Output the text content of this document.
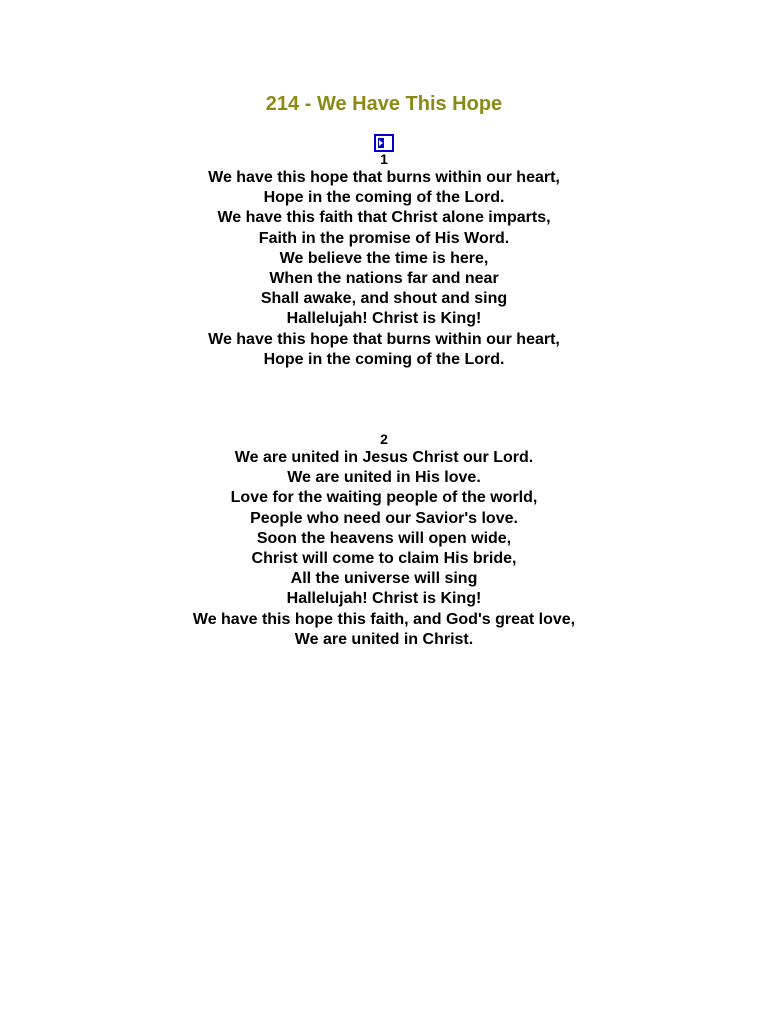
214 - We Have This Hope
1
We have this hope that burns within our heart,
Hope in the coming of the Lord.
We have this faith that Christ alone imparts,
Faith in the promise of His Word.
We believe the time is here,
When the nations far and near
Shall awake, and shout and sing
Hallelujah! Christ is King!
We have this hope that burns within our heart,
Hope in the coming of the Lord.
2
We are united in Jesus Christ our Lord.
We are united in His love.
Love for the waiting people of the world,
People who need our Savior's love.
Soon the heavens will open wide,
Christ will come to claim His bride,
All the universe will sing
Hallelujah! Christ is King!
We have this hope this faith, and God's great love,
We are united in Christ.
